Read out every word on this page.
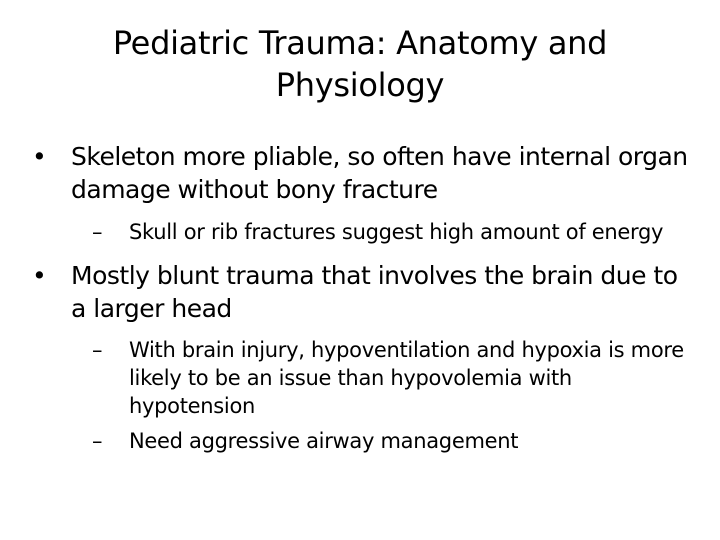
Pediatric Trauma: Anatomy and
Physiology
• Skeleton more pliable, so often have internal organ damage without bony fracture
– Skull or rib fractures suggest high amount of energy
• Mostly blunt trauma that involves the brain due to a larger head
– With brain injury, hypoventilation and hypoxia is more likely to be an issue than hypovolemia with hypotension
– Need aggressive airway management
